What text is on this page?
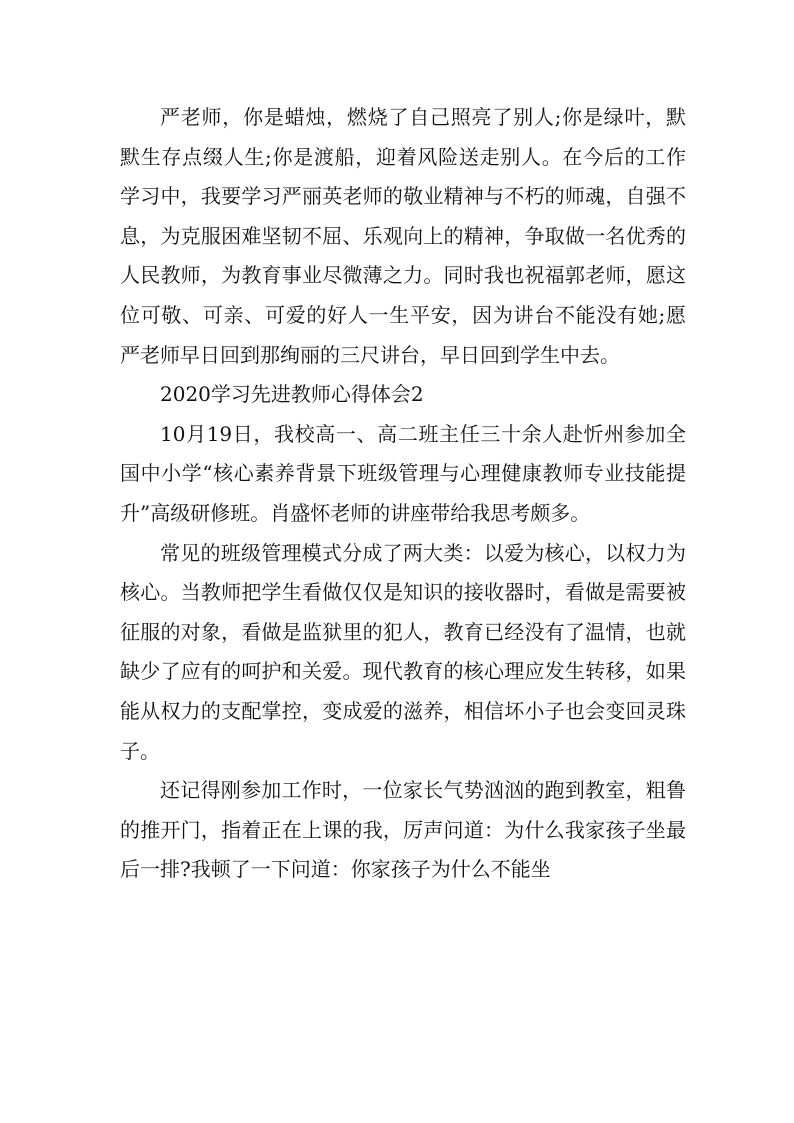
严老师，你是蜡烛，燃烧了自己照亮了别人;你是绿叶，默默生存点缀人生;你是渡船，迎着风险送走别人。在今后的工作学习中，我要学习严丽英老师的敬业精神与不朽的师魂，自强不息，为克服困难坚韧不屈、乐观向上的精神，争取做一名优秀的人民教师，为教育事业尽微薄之力。同时我也祝福郭老师，愿这位可敬、可亲、可爱的好人一生平安，因为讲台不能没有她;愿严老师早日回到那绚丽的三尺讲台，早日回到学生中去。

2020学习先进教师心得体会2

10月19日，我校高一、高二班主任三十余人赴忻州参加全国中小学“核心素养背景下班级管理与心理健康教师专业技能提升”高级研修班。肖盛怀老师的讲座带给我思考颇多。

常见的班级管理模式分成了两大类：以爱为核心，以权力为核心。当教师把学生看做仅仅是知识的接收器时，看做是需要被征服的对象，看做是监狱里的犯人，教育已经没有了温情，也就缺少了应有的呵护和关爱。现代教育的核心理应发生转移，如果能从权力的支配掌控，变成爱的滋养，相信坏小子也会变回灵珠子。

还记得刚参加工作时，一位家长气势汹汹的跑到教室，粗鲁的推开门，指着正在上课的我，厉声问道：为什么我家孩子坐最后一排?我顿了一下问道：你家孩子为什么不能坐
